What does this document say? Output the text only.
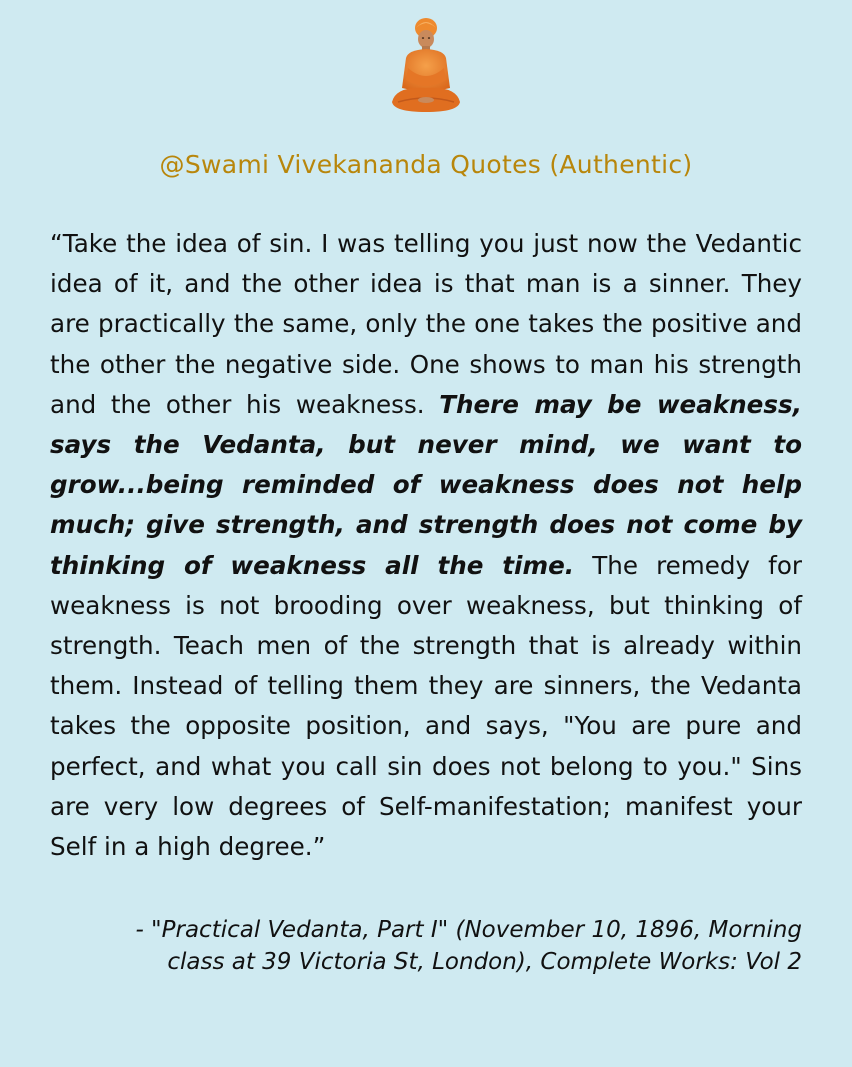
@Swami Vivekananda Quotes (Authentic)
“Take the idea of sin. I was telling you just now the Vedantic idea of it, and the other idea is that man is a sinner. They are practically the same, only the one takes the positive and the other the negative side. One shows to man his strength and the other his weakness. There may be weakness, says the Vedanta, but never mind, we want to grow...being reminded of weakness does not help much; give strength, and strength does not come by thinking of weakness all the time. The remedy for weakness is not brooding over weakness, but thinking of strength. Teach men of the strength that is already within them. Instead of telling them they are sinners, the Vedanta takes the opposite position, and says, "You are pure and perfect, and what you call sin does not belong to you." Sins are very low degrees of Self-manifestation; manifest your Self in a high degree.”
- "Practical Vedanta, Part I" (November 10, 1896, Morning
class at 39 Victoria St, London), Complete Works: Vol 2
